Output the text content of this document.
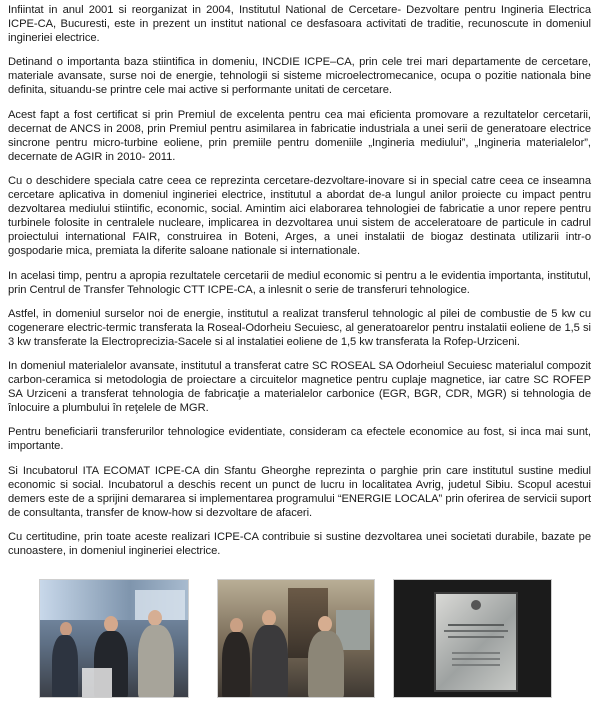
Infiintat in anul 2001 si reorganizat in 2004, Institutul National de Cercetare- Dezvoltare pentru Ingineria Electrica ICPE-CA, Bucuresti, este in prezent un institut national ce desfasoara activitati de traditie, recunoscute in domeniul ingineriei electrice.

Detinand o importanta baza stiintifica in domeniu, INCDIE ICPE–CA, prin cele trei mari departamente de cercetare, materiale avansate, surse noi de energie, tehnologii si sisteme microelectromecanice, ocupa o pozitie nationala bine definita, situandu-se printre cele mai active si performante unitati de cercetare.

Acest fapt a fost certificat si prin Premiul de excelenta pentru cea mai eficienta promovare a rezultatelor cercetarii, decernat de ANCS in 2008, prin Premiul pentru asimilarea in fabricatie industriala a unei serii de generatoare electrice sincrone pentru micro-turbine eoliene, prin premiile pentru domeniile „Ingineria mediului”, „Ingineria materialelor”, decernate de AGIR in 2010- 2011.

Cu o deschidere speciala catre ceea ce reprezinta cercetare-dezvoltare-inovare si in special catre ceea ce inseamna cercetare aplicativa in domeniul ingineriei electrice, institutul a abordat de-a lungul anilor proiecte cu impact pentru dezvoltarea mediului stiintific, economic, social. Amintim aici elaborarea tehnologiei de fabricatie a unor repere pentru turbinele folosite in centralele nucleare, implicarea in dezvoltarea unui sistem de acceleratoare de particule in cadrul proiectului international FAIR, construirea in Boteni, Arges, a unei instalatii de biogaz destinata utilizarii intr-o gospodarie mica, premiata la diferite saloane nationale si internationale.

In acelasi timp, pentru a apropia rezultatele cercetarii de mediul economic si pentru a le evidentia importanta, institutul, prin Centrul de Transfer Tehnologic CTT ICPE-CA, a inlesnit o serie de transferuri tehnologice.

Astfel, in domeniul surselor noi de energie, institutul a realizat transferul tehnologic al pilei de combustie de 5 kw cu cogenerare electric-termic transferata la Roseal-Odorheiu Secuiesc, al generatoarelor pentru instalatii eoliene de 1,5 si 3 kw transferate la Electroprecizia-Sacele si al instalatiei eoliene de 1,5 kw transferata la Rofep-Urziceni.

In domeniul materialelor avansate, institutul a transferat catre SC ROSEAL SA Odorheiul Secuiesc materialul compozit carbon-ceramica si metodologia de proiectare a circuitelor magnetice pentru cuplaje magnetice, iar catre SC ROFEP SA Urziceni a transferat tehnologia de fabricaţie a materialelor carbonice (EGR, BGR, CDR, MGR) si tehnologia de înlocuire a plumbului în reţelele de MGR.

Pentru beneficiarii transferurilor tehnologice evidentiate, consideram ca efectele economice au fost, si inca mai sunt, importante.

Si Incubatorul ITA ECOMAT ICPE-CA din Sfantu Gheorghe reprezinta o parghie prin care institutul sustine mediul economic si social. Incubatorul a deschis recent un punct de lucru in localitatea Avrig, judetul Sibiu. Scopul acestui demers este de a sprijini demararea si implementarea programului “ENERGIE LOCALA” prin oferirea de servicii suport de consultanta, transfer de know-how si dezvoltare de afaceri.

Cu certitudine, prin toate aceste realizari ICPE-CA contribuie si sustine dezvoltarea unei societati durabile, bazate pe cunoastere, in domeniul ingineriei electrice.
